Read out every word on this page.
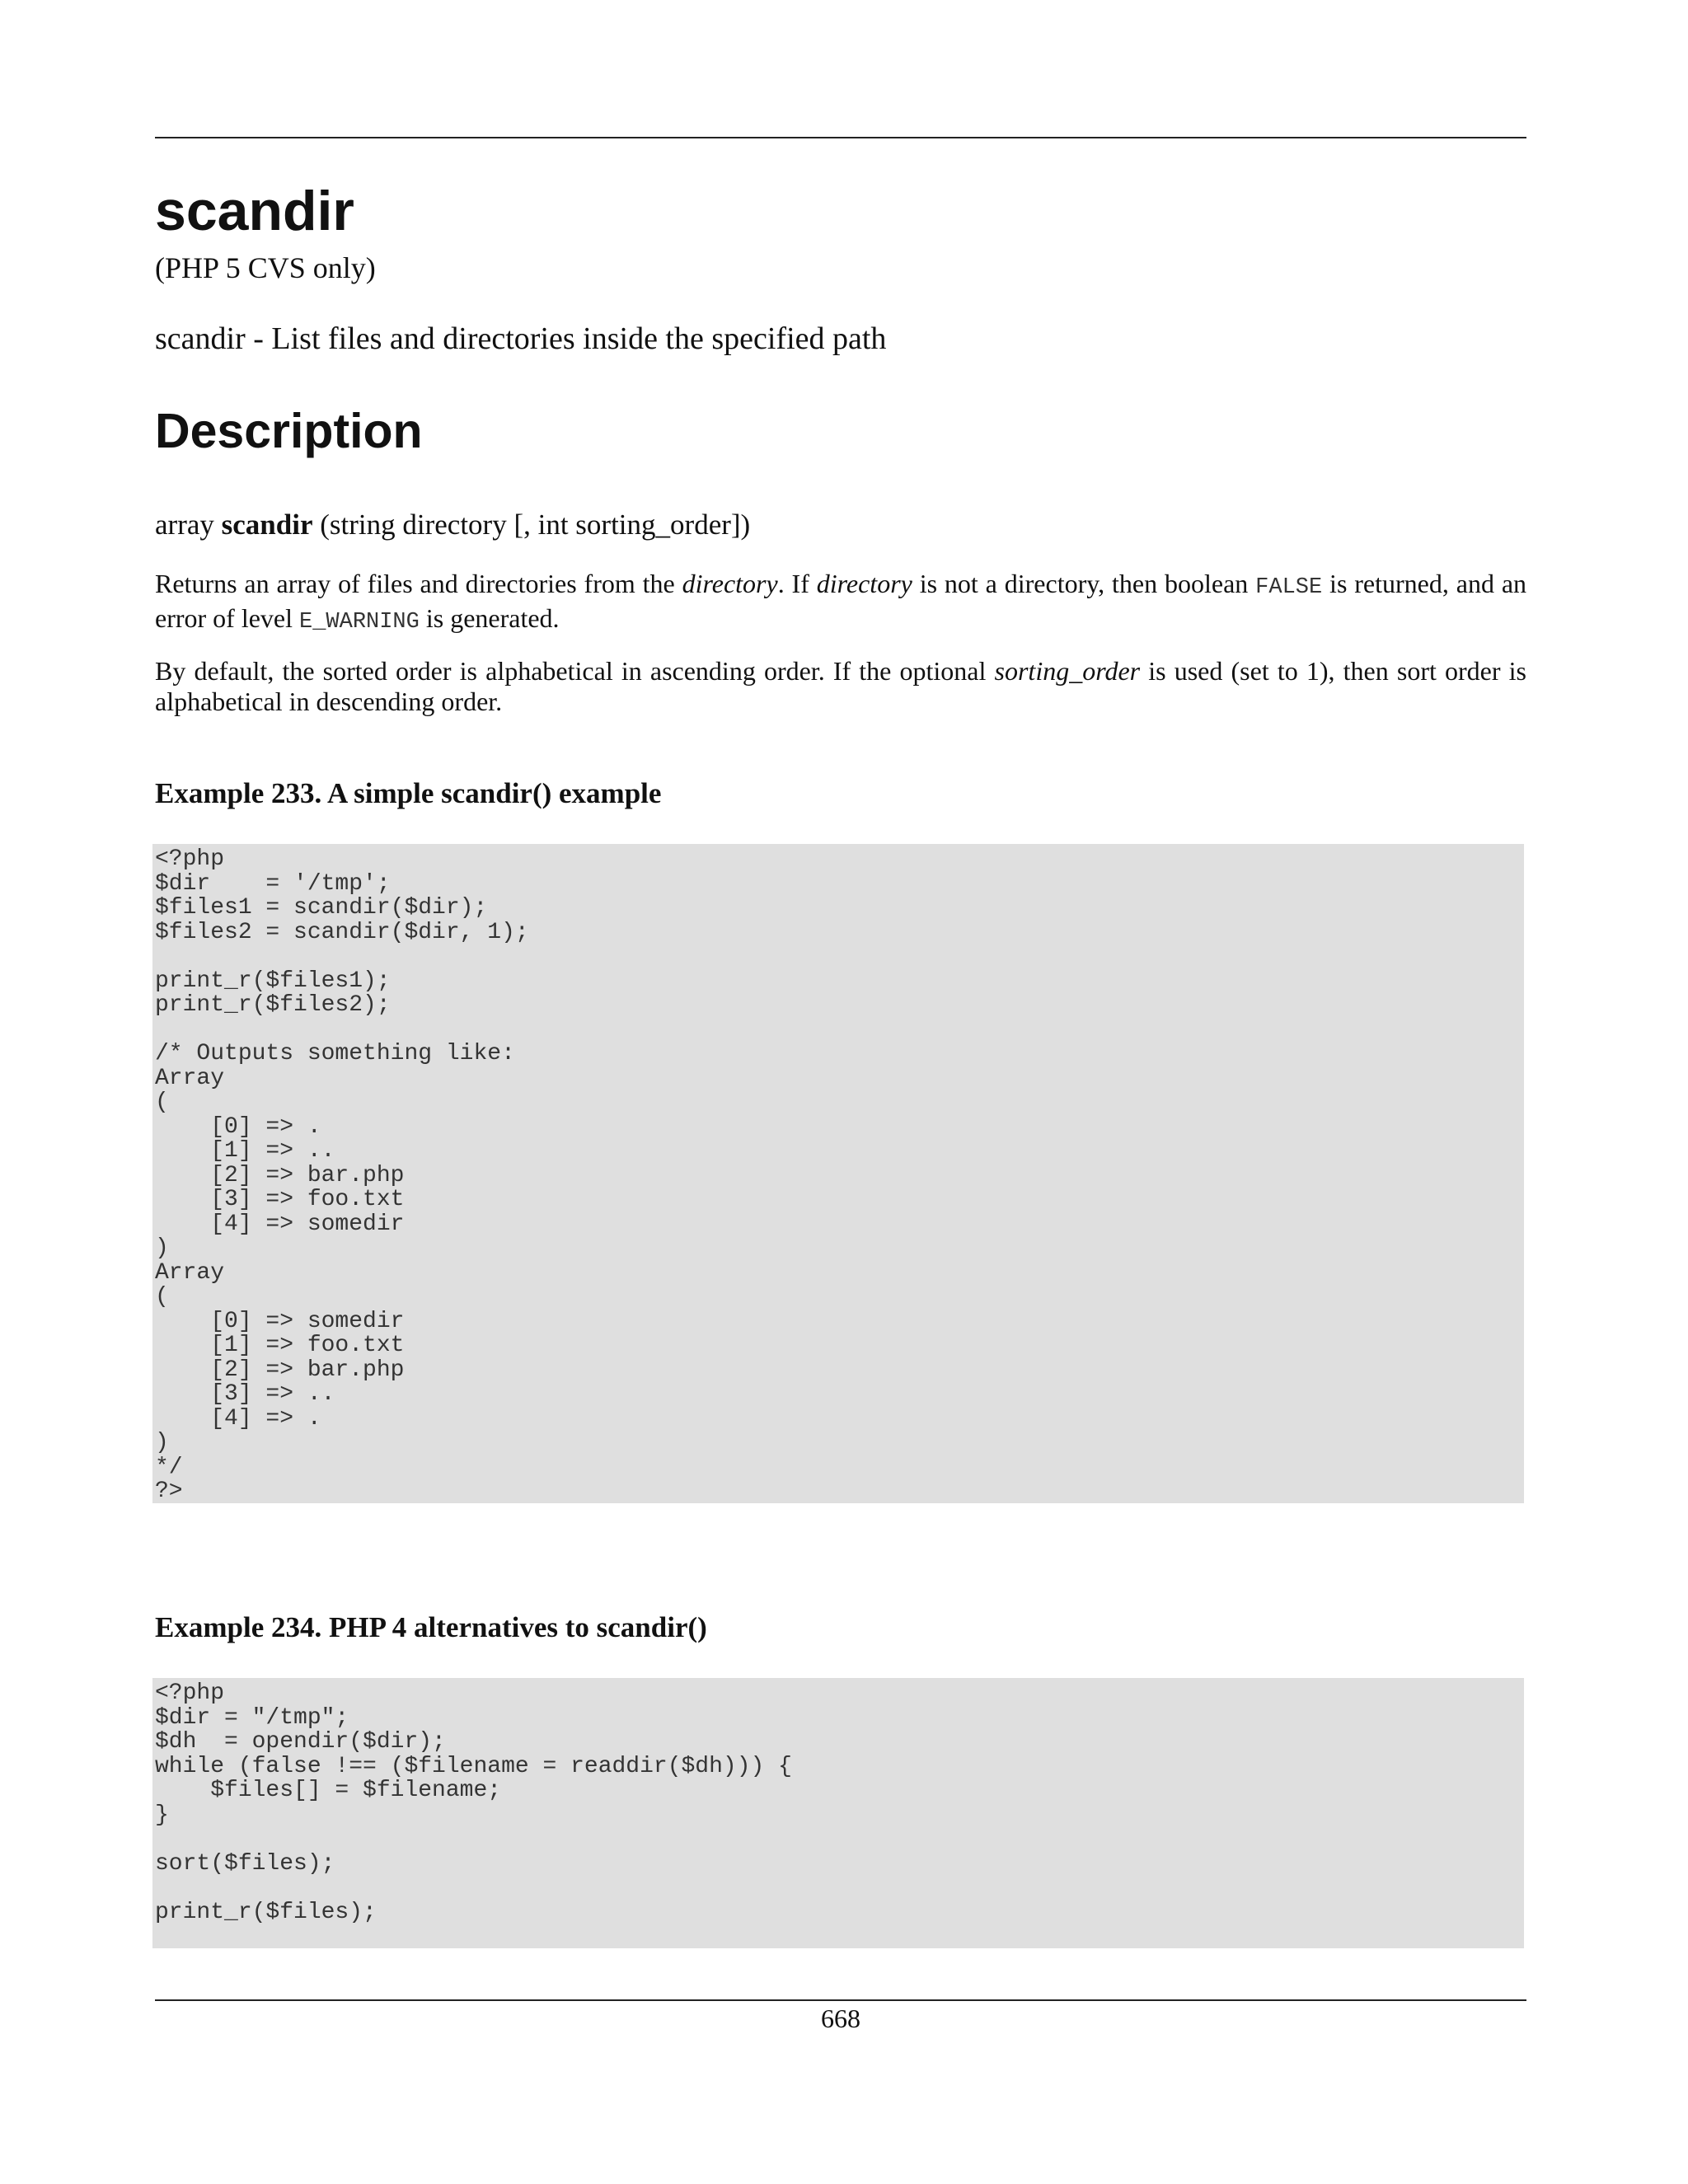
scandir
(PHP 5 CVS only)
scandir - List files and directories inside the specified path
Description
array scandir (string directory [, int sorting_order])

Returns an array of files and directories from the directory. If directory is not a directory, then boolean FALSE is returned, and an error of level E_WARNING is generated.

By default, the sorted order is alphabetical in ascending order. If the optional sorting_order is used (set to 1), then sort order is alphabetical in descending order.

Example 233. A simple scandir() example
<?php
$dir    = '/tmp';
$files1 = scandir($dir);
$files2 = scandir($dir, 1);

print_r($files1);
print_r($files2);

/* Outputs something like:
Array
(
[0] => .
[1] => ..
[2] => bar.php
[3] => foo.txt
[4] => somedir
)
Array
(
[0] => somedir
[1] => foo.txt
[2] => bar.php
[3] => ..
[4] => .
)
*/
?>
Example 234. PHP 4 alternatives to scandir()
<?php
$dir = "/tmp";
$dh  = opendir($dir);
while (false !== ($filename = readdir($dh))) {
$files[] = $filename;
}

sort($files);

print_r($files);
668
